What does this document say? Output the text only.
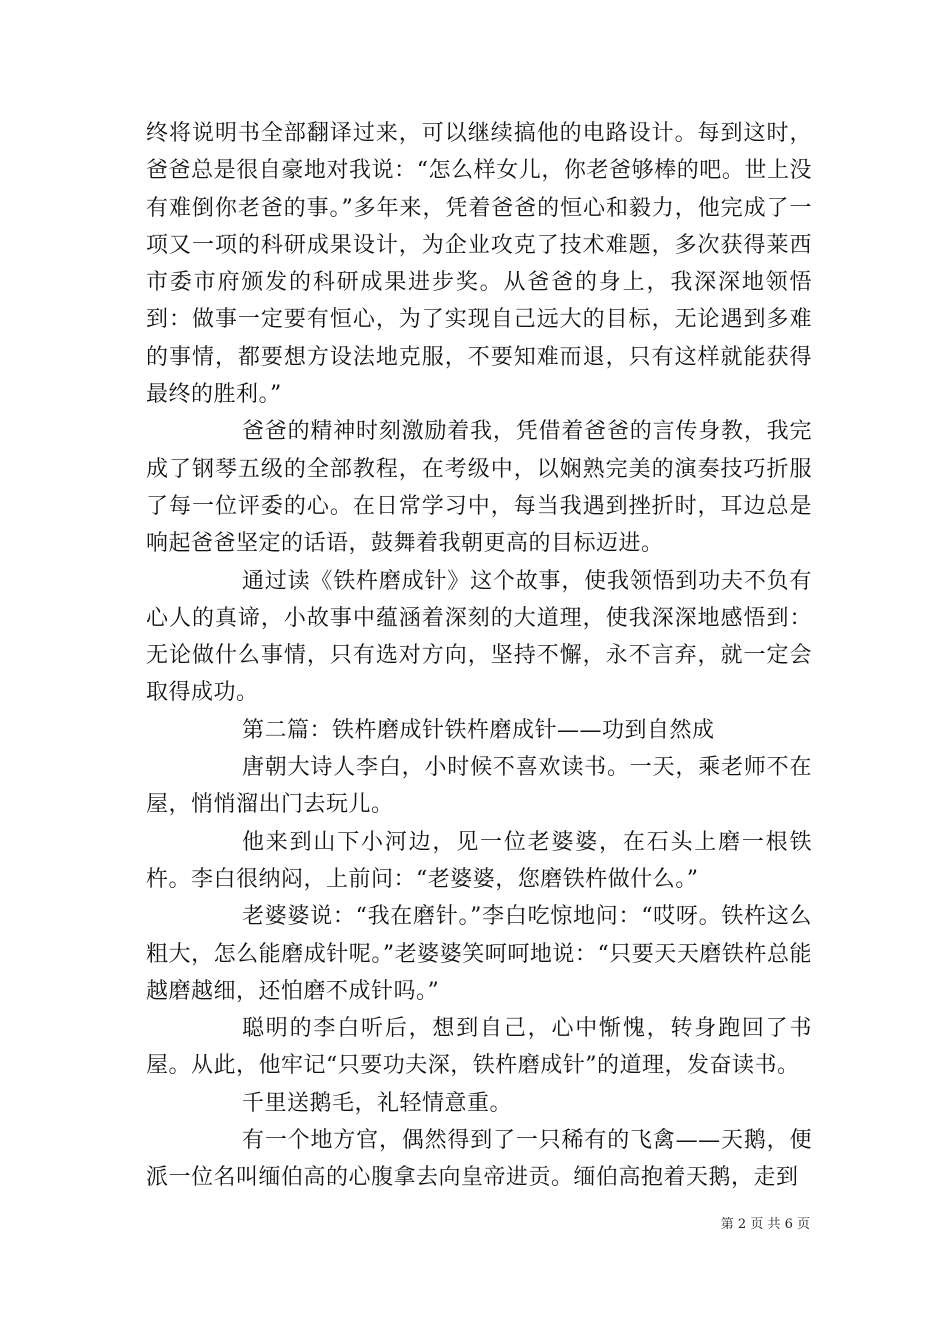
终将说明书全部翻译过来，可以继续搞他的电路设计。每到这时，爸爸总是很自豪地对我说：“怎么样女儿，你老爸够棒的吧。世上没有难倒你老爸的事。”多年来，凭着爸爸的恒心和毅力，他完成了一项又一项的科研成果设计，为企业攻克了技术难题，多次获得莱西市委市府颁发的科研成果进步奖。从爸爸的身上，我深深地领悟到：做事一定要有恒心，为了实现自己远大的目标，无论遇到多难的事情，都要想方设法地克服，不要知难而退，只有这样就能获得最终的胜利。”

爸爸的精神时刻激励着我，凭借着爸爸的言传身教，我完成了钢琴五级的全部教程，在考级中，以娴熟完美的演奏技巧折服了每一位评委的心。在日常学习中，每当我遇到挫折时，耳边总是响起爸爸坚定的话语，鼓舞着我朝更高的目标迈进。

通过读《铁杵磨成针》这个故事，使我领悟到功夫不负有心人的真谛，小故事中蕴涵着深刻的大道理，使我深深地感悟到：无论做什么事情，只有选对方向，坚持不懈，永不言弃，就一定会取得成功。

第二篇：铁杵磨成针铁杵磨成针——功到自然成

唐朝大诗人李白，小时候不喜欢读书。一天，乘老师不在屋，悄悄溜出门去玩儿。

他来到山下小河边，见一位老婆婆，在石头上磨一根铁杵。李白很纳闷，上前问：“老婆婆，您磨铁杵做什么。”

老婆婆说：“我在磨针。”李白吃惊地问：“哎呀。铁杵这么粗大，怎么能磨成针呢。”老婆婆笑呵呵地说：“只要天天磨铁杵总能越磨越细，还怕磨不成针吗。”

聪明的李白听后，想到自己，心中惭愧，转身跑回了书屋。从此，他牢记“只要功夫深，铁杵磨成针”的道理，发奋读书。

千里送鹅毛，礼轻情意重。

有一个地方官，偶然得到了一只稀有的飞禽——天鹅，便派一位名叫缅伯高的心腹拿去向皇帝进贡。缅伯高抱着天鹅，走到

第 2 页 共 6 页
